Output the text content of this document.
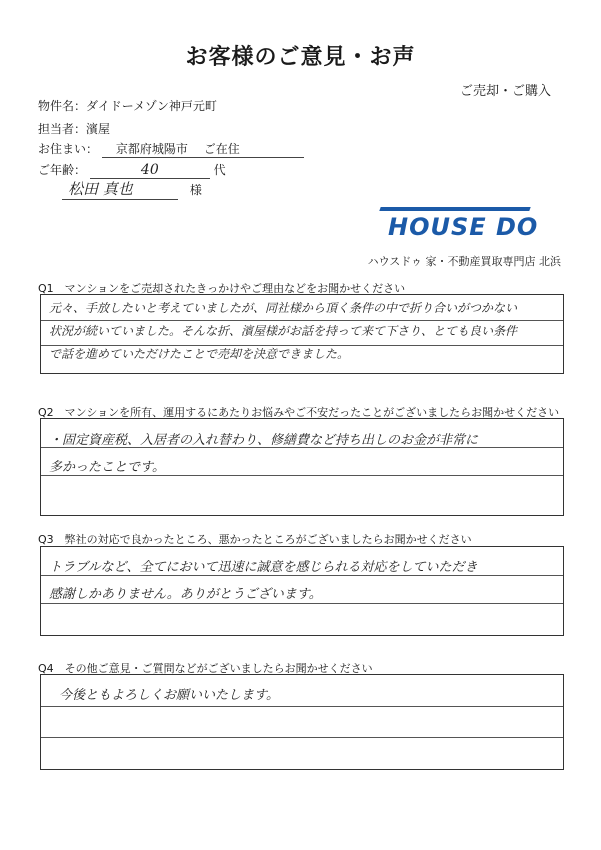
お客様のご意見・お声
ご売却・ご購入
物件名：ダイドーメゾン神戸元町
担当者：濱屋
お住まい： 京都府城陽市 ご在住
ご年齢：	40	代
松田 真也	様
HOUSE DO
ハウスドゥ 家・不動産買取専門店 北浜
Q1　マンションをご売却されたきっかけやご理由などをお聞かせください
元々、手放したいと考えていましたが、同社様から頂く条件の中で折り合いがつかない
状況が続いていました。そんな折、濱屋様がお話を持って来て下さり、とても良い条件
で話を進めていただけたことで売却を決意できました。
Q2　マンションを所有、運用するにあたりお悩みやご不安だったことがございましたらお聞かせください
・固定資産税、入居者の入れ替わり、修繕費など持ち出しのお金が非常に
多かったことです。
Q3　弊社の対応で良かったところ、悪かったところがございましたらお聞かせください
トラブルなど、全てにおいて迅速に誠意を感じられる対応をしていただき
感謝しかありません。ありがとうございます。
Q4　その他ご意見・ご質問などがございましたらお聞かせください
今後ともよろしくお願いいたします。
